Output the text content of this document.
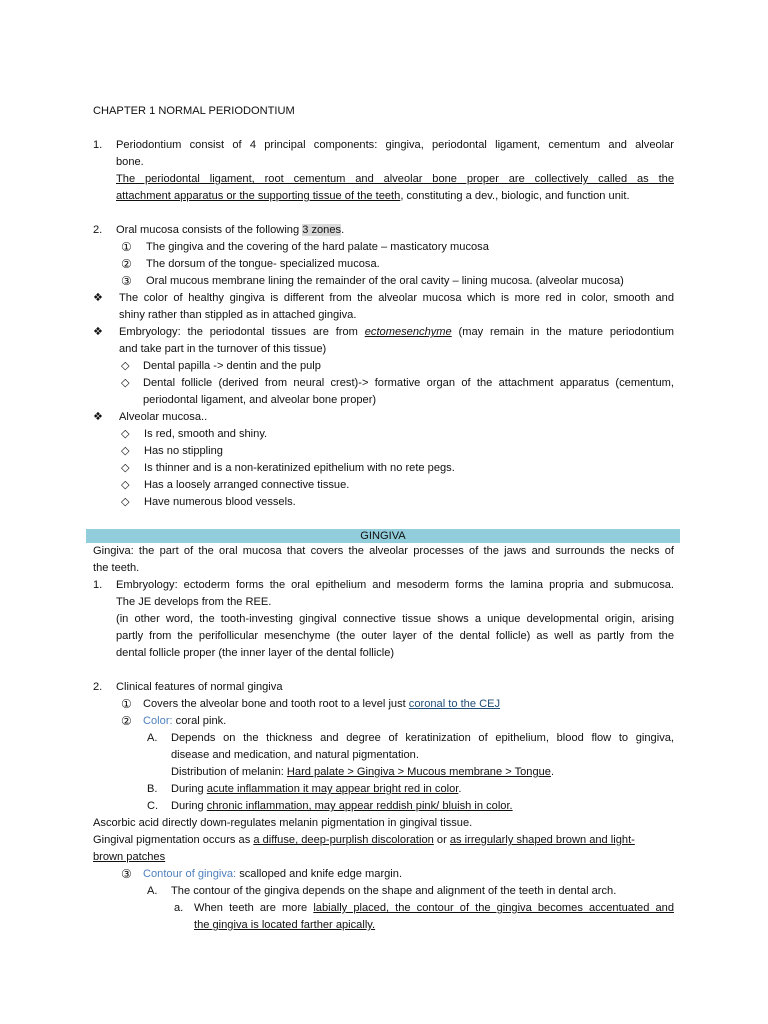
CHAPTER 1 NORMAL PERIODONTIUM
1. Periodontium consist of 4 principal components: gingiva, periodontal ligament, cementum and alveolar
bone.
The periodontal ligament, root cementum and alveolar bone proper are collectively called as the
attachment apparatus or the supporting tissue of the teeth, constituting a dev., biologic, and function unit.
2. Oral mucosa consists of the following 3 zones.
① The gingiva and the covering of the hard palate – masticatory mucosa
② The dorsum of the tongue- specialized mucosa.
③ Oral mucous membrane lining the remainder of the oral cavity – lining mucosa. (alveolar mucosa)
❖ The color of healthy gingiva is different from the alveolar mucosa which is more red in color, smooth and
shiny rather than stippled as in attached gingiva.
❖ Embryology: the periodontal tissues are from ectomesenchyme (may remain in the mature periodontium
and take part in the turnover of this tissue)
◇ Dental papilla -> dentin and the pulp
◇ Dental follicle (derived from neural crest)-> formative organ of the attachment apparatus (cementum,
periodontal ligament, and alveolar bone proper)
❖ Alveolar mucosa..
◇ Is red, smooth and shiny.
◇ Has no stippling
◇ Is thinner and is a non-keratinized epithelium with no rete pegs.
◇ Has a loosely arranged connective tissue.
◇ Have numerous blood vessels.
GINGIVA
Gingiva: the part of the oral mucosa that covers the alveolar processes of the jaws and surrounds the necks of
the teeth.
1. Embryology: ectoderm forms the oral epithelium and mesoderm forms the lamina propria and submucosa.
The JE develops from the REE.
(in other word, the tooth-investing gingival connective tissue shows a unique developmental origin, arising
partly from the perifollicular mesenchyme (the outer layer of the dental follicle) as well as partly from the
dental follicle proper (the inner layer of the dental follicle)
2. Clinical features of normal gingiva
① Covers the alveolar bone and tooth root to a level just coronal to the CEJ
② Color: coral pink.
A. Depends on the thickness and degree of keratinization of epithelium, blood flow to gingiva,
disease and medication, and natural pigmentation.
Distribution of melanin: Hard palate > Gingiva > Mucous membrane > Tongue.
B. During acute inflammation it may appear bright red in color.
C. During chronic inflammation, may appear reddish pink/ bluish in color.
Ascorbic acid directly down-regulates melanin pigmentation in gingival tissue.
Gingival pigmentation occurs as a diffuse, deep-purplish discoloration or as irregularly shaped brown and light-
brown patches
③ Contour of gingiva: scalloped and knife edge margin.
A. The contour of the gingiva depends on the shape and alignment of the teeth in dental arch.
a. When teeth are more labially placed, the contour of the gingiva becomes accentuated and
the gingiva is located farther apically.
